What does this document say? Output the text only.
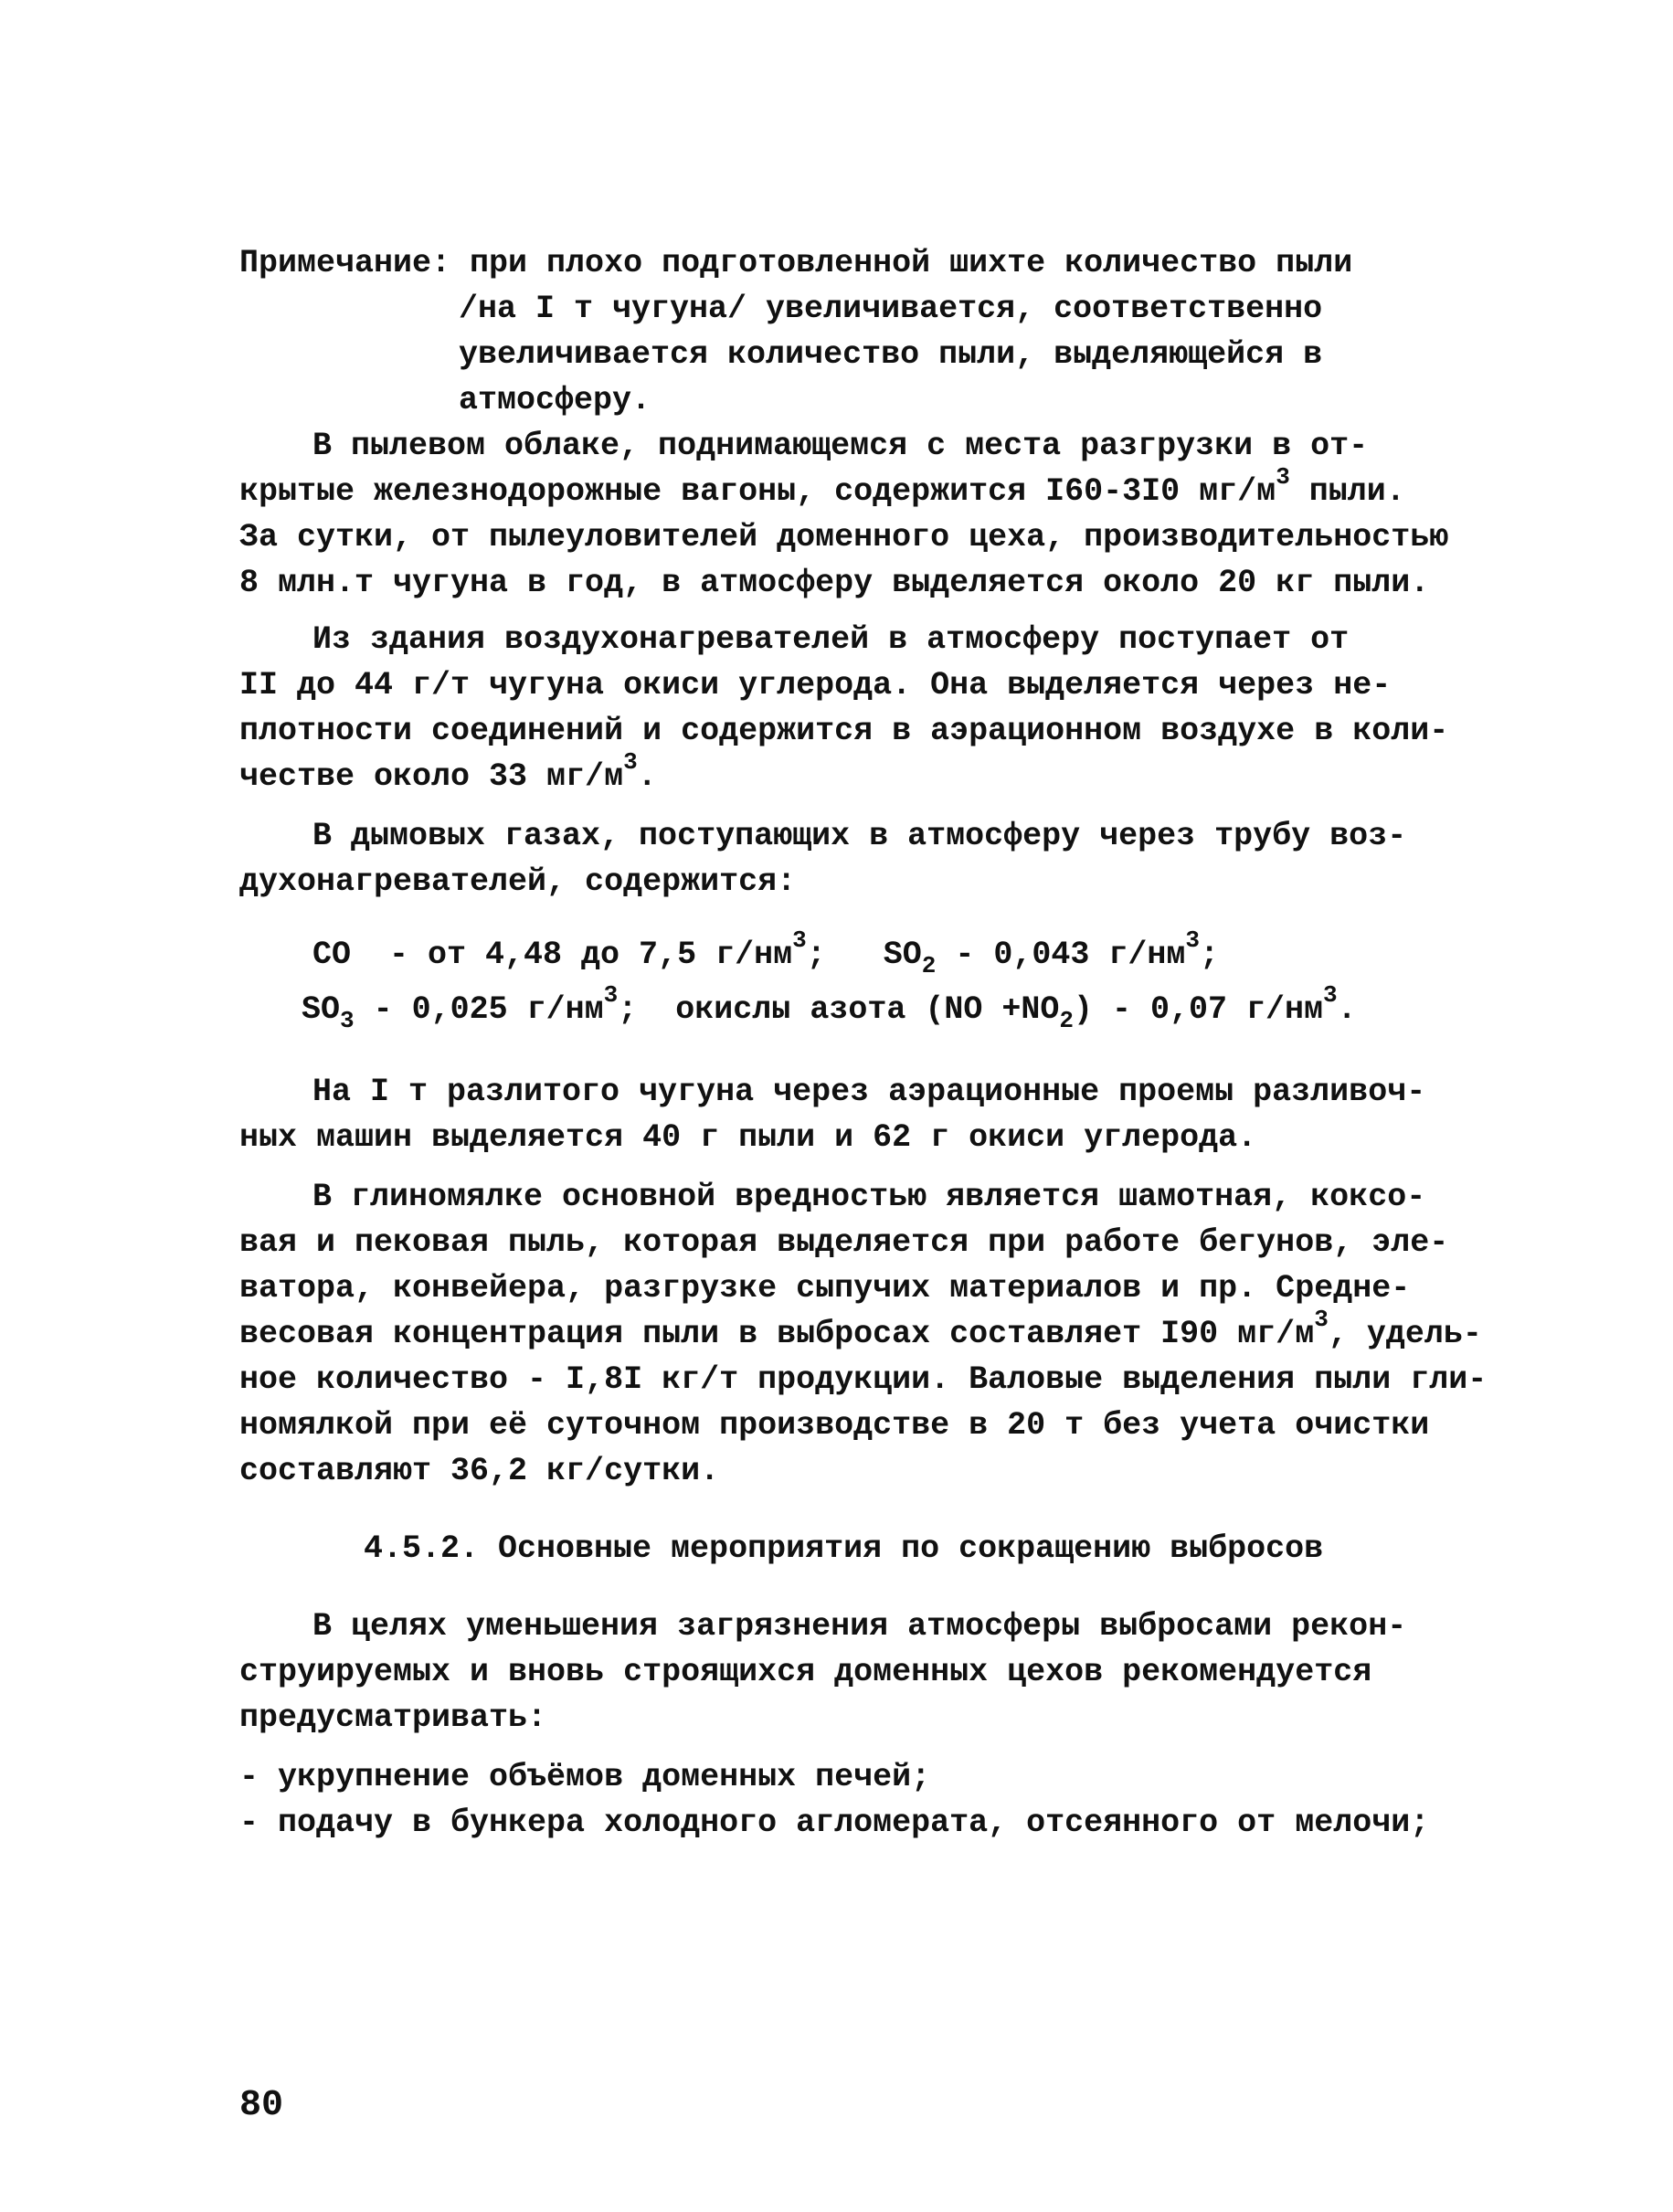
Примечание: при плохо подготовленной шихте количество пыли
/на I т чугуна/ увеличивается, соответственно
увеличивается количество пыли, выделяющейся в
атмосферу.
В пылевом облаке, поднимающемся с места разгрузки в от-
крытые железнодорожные вагоны, содержится I60-3I0 $мг/м^3$ пыли.
За сутки, от пылеуловителей доменного цеха, производительностью
8 млн.т чугуна в год, в атмосферу выделяется около 20 кг пыли.
Из здания воздухонагревателей в атмосферу поступает от
II до 44 г/т чугуна окиси углерода. Она выделяется через не-
плотности соединений и содержится в аэрационном воздухе в коли-
честве около 33 $мг/м^3$.
В дымовых газах, поступающих в атмосферу через трубу воз-
духонагревателей, содержится:
CO  - от 4,48 до 7,5 $г/нм^3$;   $SO_2 - 0,043$ $г/нм^3$;
$SO_3 - 0,025$ $г/нм^3$;  окислы азота $(NO +NO_2) - 0,07$ $г/нм^3$.
На I т разлитого чугуна через аэрационные проемы разливоч-
ных машин выделяется 40 г пыли и 62 г окиси углерода.
В глиномялке основной вредностью является шамотная, коксо-
вая и пековая пыль, которая выделяется при работе бегунов, эле-
ватора, конвейера, разгрузке сыпучих материалов и пр. Средне-
весовая концентрация пыли в выбросах составляет I90 $мг/м^3$, удель-
ное количество - I,8I кг/т продукции. Валовые выделения пыли гли-
номялкой при её суточном производстве в 20 т без учета очистки
составляют 36,2 кг/сутки.
4.5.2. Основные мероприятия по сокращению выбросов
В целях уменьшения загрязнения атмосферы выбросами рекон-
струируемых и вновь строящихся доменных цехов рекомендуется
предусматривать:
- укрупнение объёмов доменных печей;
- подачу в бункера холодного агломерата, отсеянного от мелочи;
80
